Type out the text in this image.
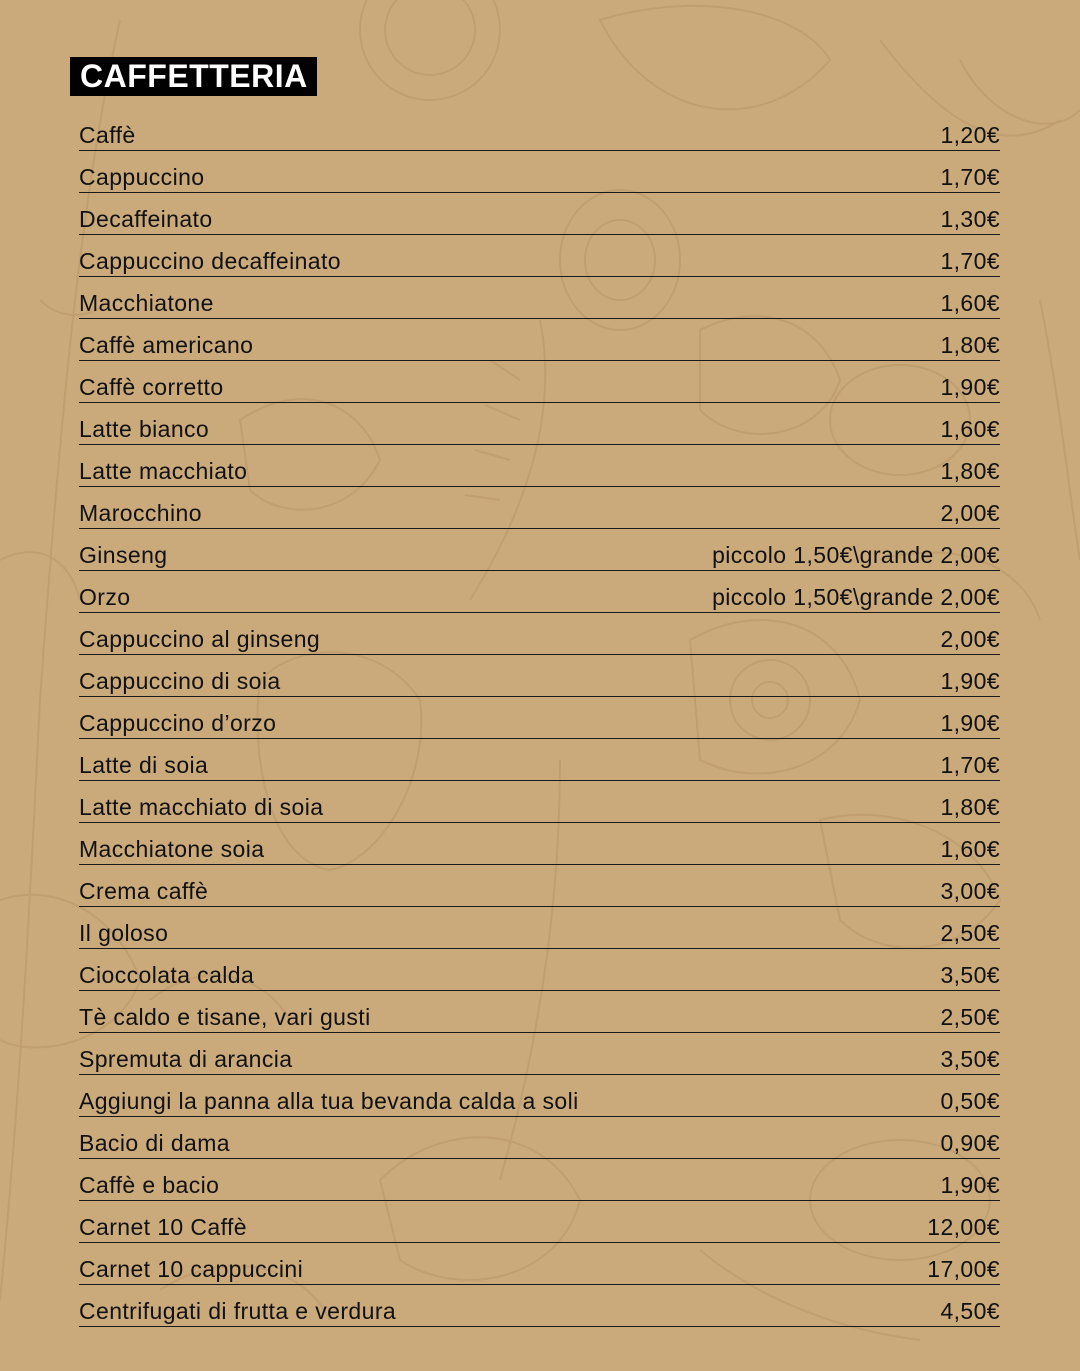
CAFFETTERIA
Caffè	1,20€
Cappuccino	1,70€
Decaffeinato	1,30€
Cappuccino decaffeinato	1,70€
Macchiatone	1,60€
Caffè americano	1,80€
Caffè corretto	1,90€
Latte bianco	1,60€
Latte macchiato	1,80€
Marocchino	2,00€
Ginseng	piccolo 1,50€\grande 2,00€
Orzo	piccolo 1,50€\grande 2,00€
Cappuccino al ginseng	2,00€
Cappuccino di soia	1,90€
Cappuccino d’orzo	1,90€
Latte di soia	1,70€
Latte macchiato di soia	1,80€
Macchiatone soia	1,60€
Crema caffè	3,00€
Il goloso	2,50€
Cioccolata calda	3,50€
Tè caldo e tisane, vari gusti	2,50€
Spremuta di arancia	3,50€
Aggiungi la panna alla tua bevanda calda a soli	0,50€
Bacio di dama	0,90€
Caffè e bacio	1,90€
Carnet 10 Caffè	12,00€
Carnet 10 cappuccini	17,00€
Centrifugati di frutta e verdura	4,50€
